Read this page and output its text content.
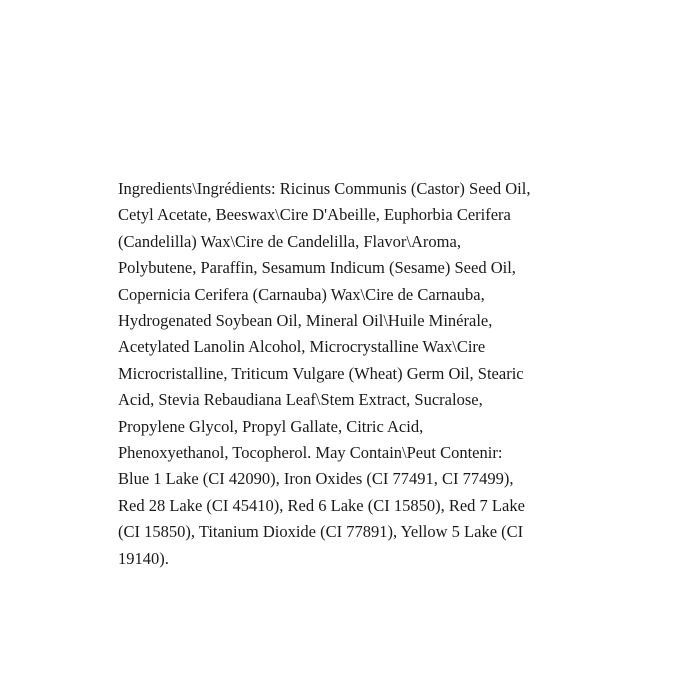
Ingredients\Ingrédients: Ricinus Communis (Castor) Seed Oil,
Cetyl Acetate, Beeswax\Cire D'Abeille, Euphorbia Cerifera
(Candelilla) Wax\Cire de Candelilla, Flavor\Aroma,
Polybutene, Paraffin, Sesamum Indicum (Sesame) Seed Oil,
Copernicia Cerifera (Carnauba) Wax\Cire de Carnauba,
Hydrogenated Soybean Oil, Mineral Oil\Huile Minérale,
Acetylated Lanolin Alcohol, Microcrystalline Wax\Cire
Microcristalline, Triticum Vulgare (Wheat) Germ Oil, Stearic
Acid, Stevia Rebaudiana Leaf\Stem Extract, Sucralose,
Propylene Glycol, Propyl Gallate, Citric Acid,
Phenoxyethanol, Tocopherol. May Contain\Peut Contenir:
Blue 1 Lake (CI 42090), Iron Oxides (CI 77491, CI 77499),
Red 28 Lake (CI 45410), Red 6 Lake (CI 15850), Red 7 Lake
(CI 15850), Titanium Dioxide (CI 77891), Yellow 5 Lake (CI
19140).
